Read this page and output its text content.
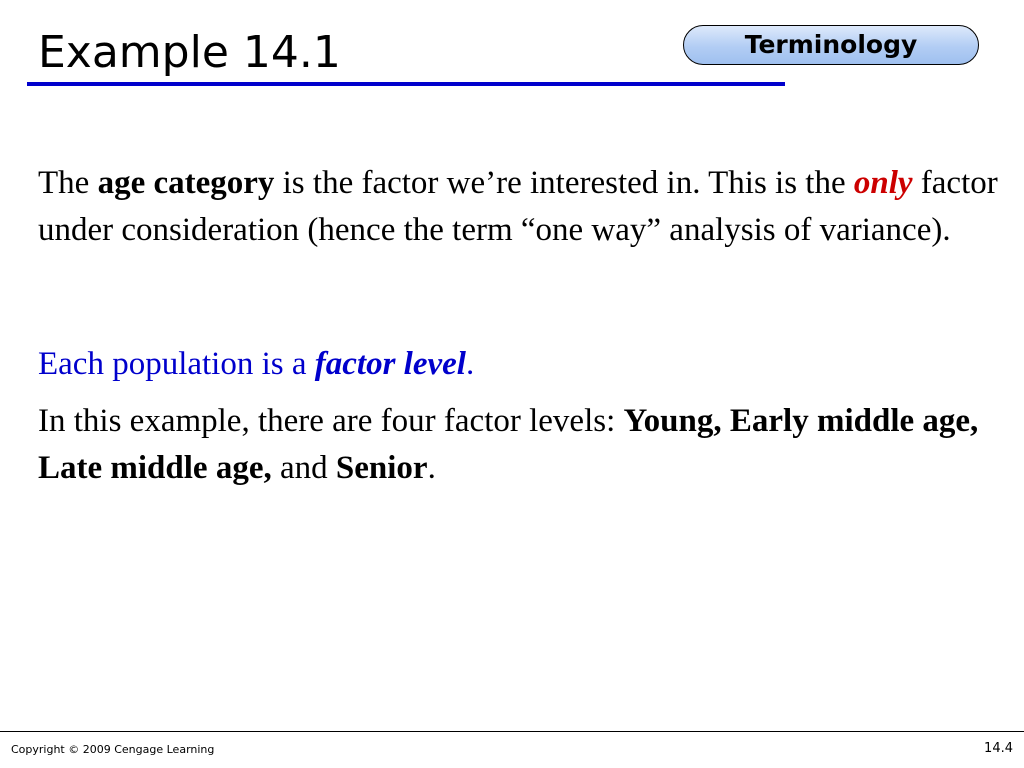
Example 14.1	Terminology

The age category is the factor we’re interested in. This is the only factor under consideration (hence the term “one way” analysis of variance).

Each population is a factor level.

In this example, there are four factor levels: Young, Early middle age, Late middle age, and Senior.

Copyright © 2009 Cengage Learning	14.4
